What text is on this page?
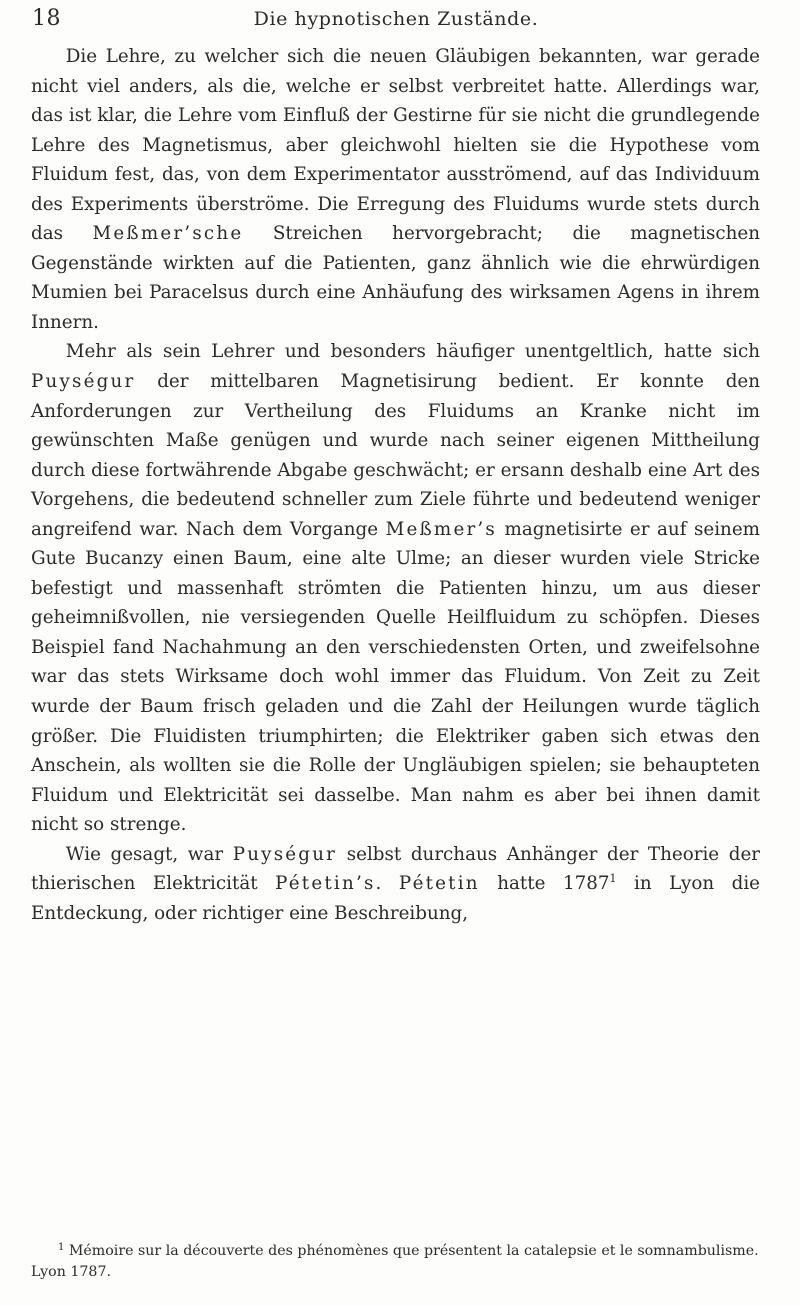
18	Die hypnotischen Zustände.

Die Lehre, zu welcher sich die neuen Gläubigen bekannten, war gerade nicht viel anders, als die, welche er selbst verbreitet hatte. Allerdings war, das ist klar, die Lehre vom Einfluß der Gestirne für sie nicht die grundlegende Lehre des Magnetismus, aber gleichwohl hielten sie die Hypothese vom Fluidum fest, das, von dem Experimentator ausströmend, auf das Individuum des Experiments überströme. Die Erregung des Fluidums wurde stets durch das Meßmer’sche Streichen hervorgebracht; die magnetischen Gegenstände wirkten auf die Patienten, ganz ähnlich wie die ehrwürdigen Mumien bei Paracelsus durch eine Anhäufung des wirksamen Agens in ihrem Innern.

Mehr als sein Lehrer und besonders häufiger unentgeltlich, hatte sich Puységur der mittelbaren Magnetisirung bedient. Er konnte den Anforderungen zur Vertheilung des Fluidums an Kranke nicht im gewünschten Maße genügen und wurde nach seiner eigenen Mittheilung durch diese fortwährende Abgabe geschwächt; er ersann deshalb eine Art des Vorgehens, die bedeutend schneller zum Ziele führte und bedeutend weniger angreifend war. Nach dem Vorgange Meßmer’s magnetisirte er auf seinem Gute Bucanzy einen Baum, eine alte Ulme; an dieser wurden viele Stricke befestigt und massenhaft strömten die Patienten hinzu, um aus dieser geheimnißvollen, nie versiegenden Quelle Heilfluidum zu schöpfen. Dieses Beispiel fand Nachahmung an den verschiedensten Orten, und zweifelsohne war das stets Wirksame doch wohl immer das Fluidum. Von Zeit zu Zeit wurde der Baum frisch geladen und die Zahl der Heilungen wurde täglich größer. Die Fluidisten triumphirten; die Elektriker gaben sich etwas den Anschein, als wollten sie die Rolle der Ungläubigen spielen; sie behaupteten Fluidum und Elektricität sei dasselbe. Man nahm es aber bei ihnen damit nicht so strenge.

Wie gesagt, war Puységur selbst durchaus Anhänger der Theorie der thierischen Elektricität Pétetin’s. Pétetin hatte 1787$^1$ in Lyon die Entdeckung, oder richtiger eine Beschreibung,

$^1$ Mémoire sur la découverte des phénomènes que présentent la catalepsie et le somnambulisme. Lyon 1787.
